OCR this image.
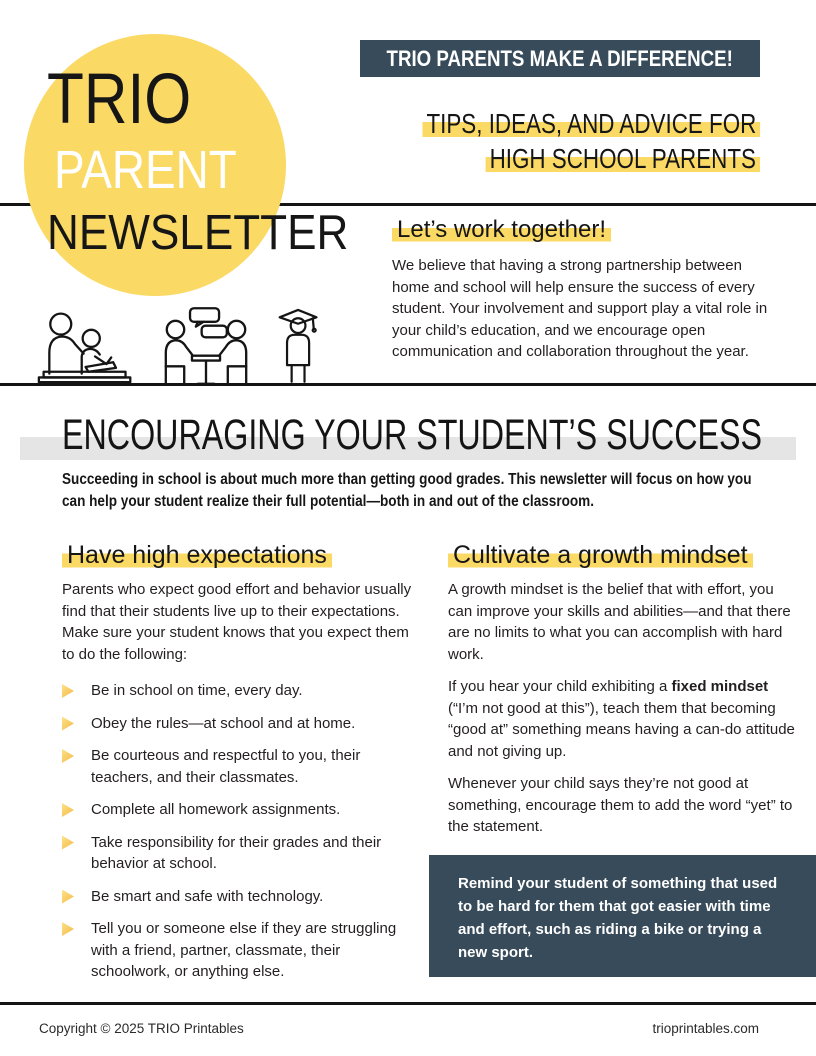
TRIO
PARENT
NEWSLETTER
TRIO PARENTS MAKE A DIFFERENCE!
TIPS, IDEAS, AND ADVICE FOR
HIGH SCHOOL PARENTS
Let’s work together!

We believe that having a strong partnership between home and school will help ensure the success of every student. Your involvement and support play a vital role in your child’s education, and we encourage open communication and collaboration throughout the year.

ENCOURAGING YOUR STUDENT’S SUCCESS

Succeeding in school is about much more than getting good grades. This newsletter will focus on how you can help your student realize their full potential—both in and out of the classroom.

Have high expectations

Parents who expect good effort and behavior usually find that their students live up to their expectations. Make sure your student knows that you expect them to do the following:

Be in school on time, every day.
Obey the rules—at school and at home.
Be courteous and respectful to you, their teachers, and their classmates.
Complete all homework assignments.
Take responsibility for their grades and their behavior at school.
Be smart and safe with technology.
Tell you or someone else if they are struggling with a friend, partner, classmate, their schoolwork, or anything else.
Cultivate a growth mindset

A growth mindset is the belief that with effort, you can improve your skills and abilities—and that there are no limits to what you can accomplish with hard work.

If you hear your child exhibiting a fixed mindset (“I’m not good at this”), teach them that becoming “good at” something means having a can-do attitude and not giving up.

Whenever your child says they’re not good at something, encourage them to add the word “yet” to the statement.

Remind your student of something that used to be hard for them that got easier with time and effort, such as riding a bike or trying a new sport.

Copyright © 2025 TRIO Printables	trioprintables.com
